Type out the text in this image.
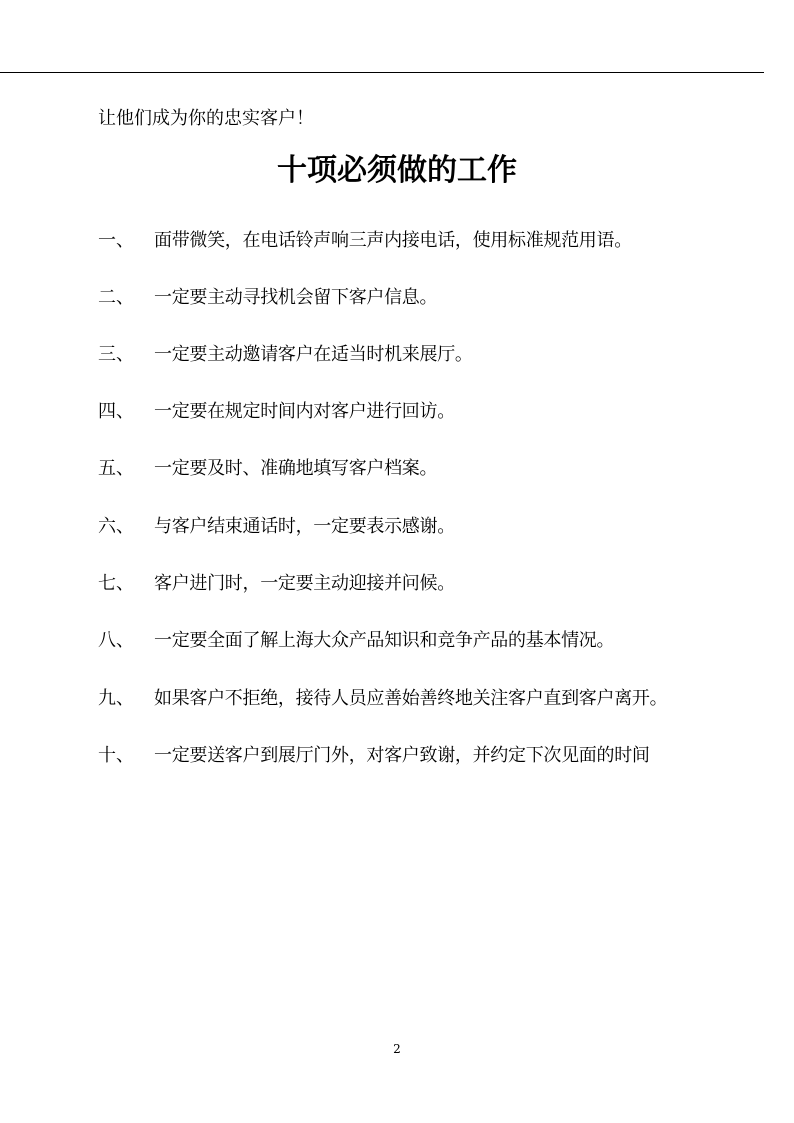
让他们成为你的忠实客户！
十项必须做的工作
一、 面带微笑，在电话铃声响三声内接电话，使用标准规范用语。
二、 一定要主动寻找机会留下客户信息。
三、 一定要主动邀请客户在适当时机来展厅。
四、 一定要在规定时间内对客户进行回访。
五、 一定要及时、准确地填写客户档案。
六、 与客户结束通话时，一定要表示感谢。
七、 客户进门时，一定要主动迎接并问候。
八、 一定要全面了解上海大众产品知识和竞争产品的基本情况。
九、 如果客户不拒绝，接待人员应善始善终地关注客户直到客户离开。
十、 一定要送客户到展厅门外，对客户致谢，并约定下次见面的时间
2
